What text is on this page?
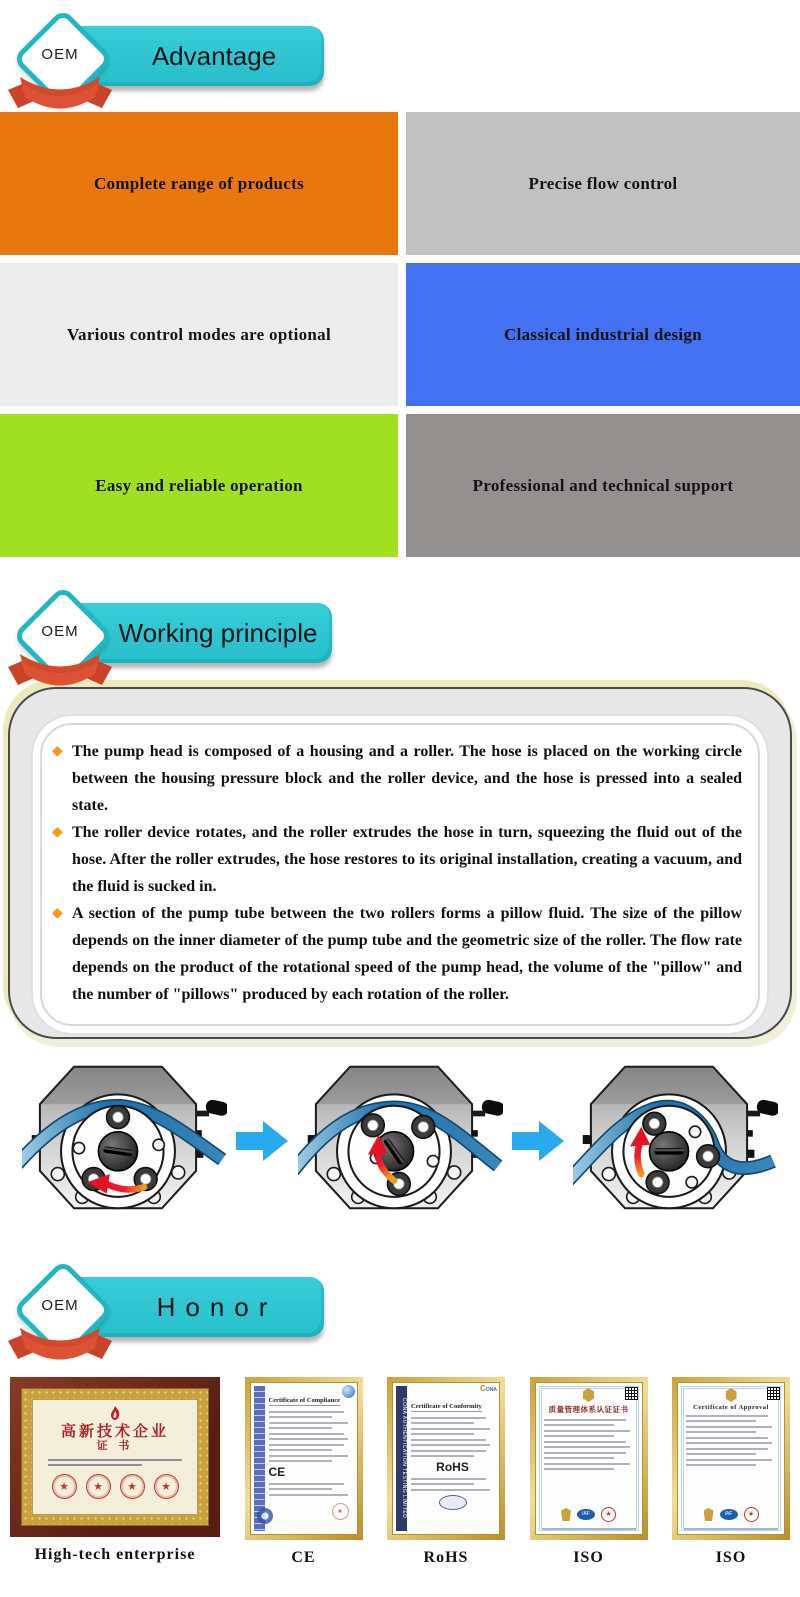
Advantage
OEM
Complete range of products	Precise flow control
Various control modes are optional	Classical industrial design
Easy and reliable operation	Professional and technical support
Working principle
OEM
◆ The pump head is composed of a housing and a roller. The hose is placed on the working circle between the housing pressure block and the roller device, and the hose is pressed into a sealed state.

◆ The roller device rotates, and the roller extrudes the hose in turn, squeezing the fluid out of the hose. After the roller extrudes, the hose restores to its original installation, creating a vacuum, and the fluid is sucked in.

◆ A section of the pump tube between the two rollers forms a pillow fluid. The size of the pillow depends on the inner diameter of the pump tube and the geometric size of the roller. The flow rate depends on the product of the rotational speed of the pump head, the volume of the "pillow" and the number of "pillows" produced by each rotation of the roller.

Honor
OEM
高新技术企业
证 书
★	★	★	★
High-tech enterprise
Certificate of Compliance
CE
✶
CE
CONA AUTHENTICATION TESTING LIMITED
CONA
Certificate of Conformity
RoHS
RoHS
质量管理体系认证证书
IAF	★
ISO
Certificate of Approval
IAF	★
ISO
